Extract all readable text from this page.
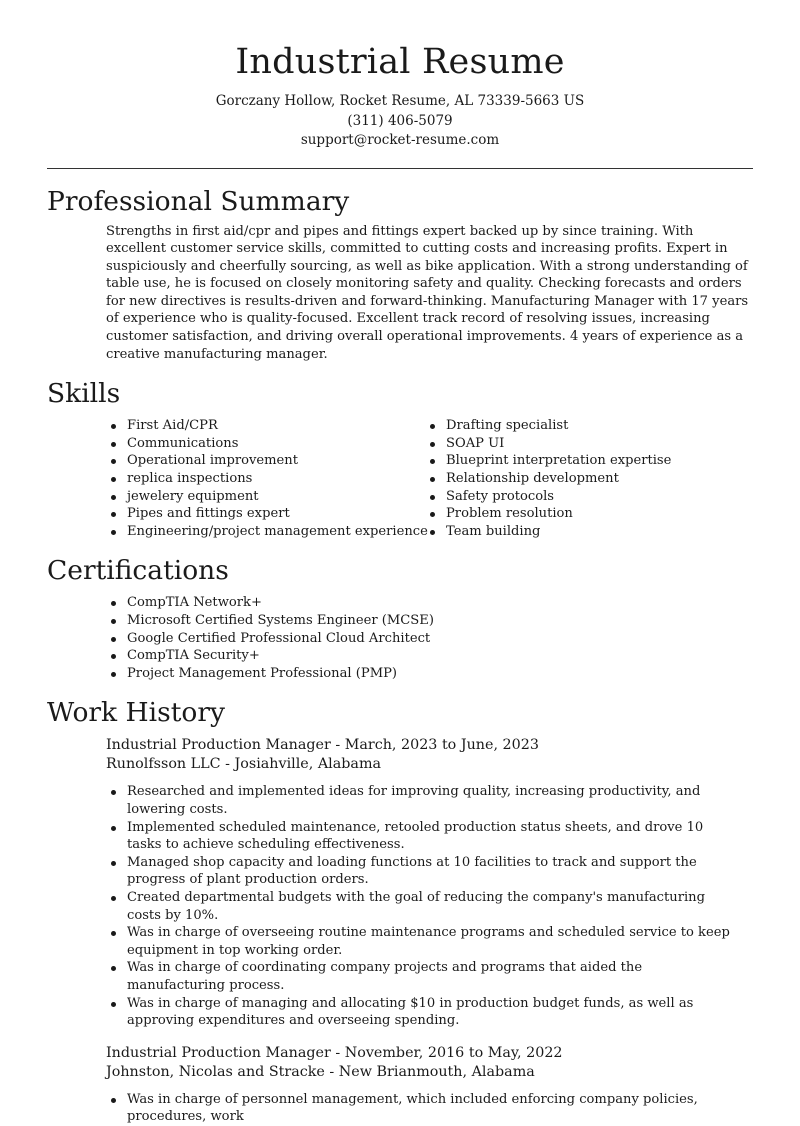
Industrial Resume
Gorczany Hollow, Rocket Resume, AL 73339-5663 US
(311) 406-5079
support@rocket-resume.com
Professional Summary

Strengths in first aid/cpr and pipes and fittings expert backed up by since training. With excellent customer service skills, committed to cutting costs and increasing profits. Expert in suspiciously and cheerfully sourcing, as well as bike application. With a strong understanding of table use, he is focused on closely monitoring safety and quality. Checking forecasts and orders for new directives is results-driven and forward-thinking. Manufacturing Manager with 17 years of experience who is quality-focused. Excellent track record of resolving issues, increasing customer satisfaction, and driving overall operational improvements. 4 years of experience as a creative manufacturing manager.

Skills
First Aid/CPR
Communications
Operational improvement
replica inspections
jewelery equipment
Pipes and fittings expert
Engineering/project management experience
Drafting specialist
SOAP UI
Blueprint interpretation expertise
Relationship development
Safety protocols
Problem resolution
Team building
Certifications
CompTIA Network+
Microsoft Certified Systems Engineer (MCSE)
Google Certified Professional Cloud Architect
CompTIA Security+
Project Management Professional (PMP)
Work History
Industrial Production Manager - March, 2023 to June, 2023
Runolfsson LLC - Josiahville, Alabama
Researched and implemented ideas for improving quality, increasing productivity, and lowering costs.
Implemented scheduled maintenance, retooled production status sheets, and drove 10 tasks to achieve scheduling effectiveness.
Managed shop capacity and loading functions at 10 facilities to track and support the progress of plant production orders.
Created departmental budgets with the goal of reducing the company's manufacturing costs by 10%.
Was in charge of overseeing routine maintenance programs and scheduled service to keep equipment in top working order.
Was in charge of coordinating company projects and programs that aided the manufacturing process.
Was in charge of managing and allocating $10 in production budget funds, as well as approving expenditures and overseeing spending.
Industrial Production Manager - November, 2016 to May, 2022
Johnston, Nicolas and Stracke - New Brianmouth, Alabama
Was in charge of personnel management, which included enforcing company policies, procedures, work
